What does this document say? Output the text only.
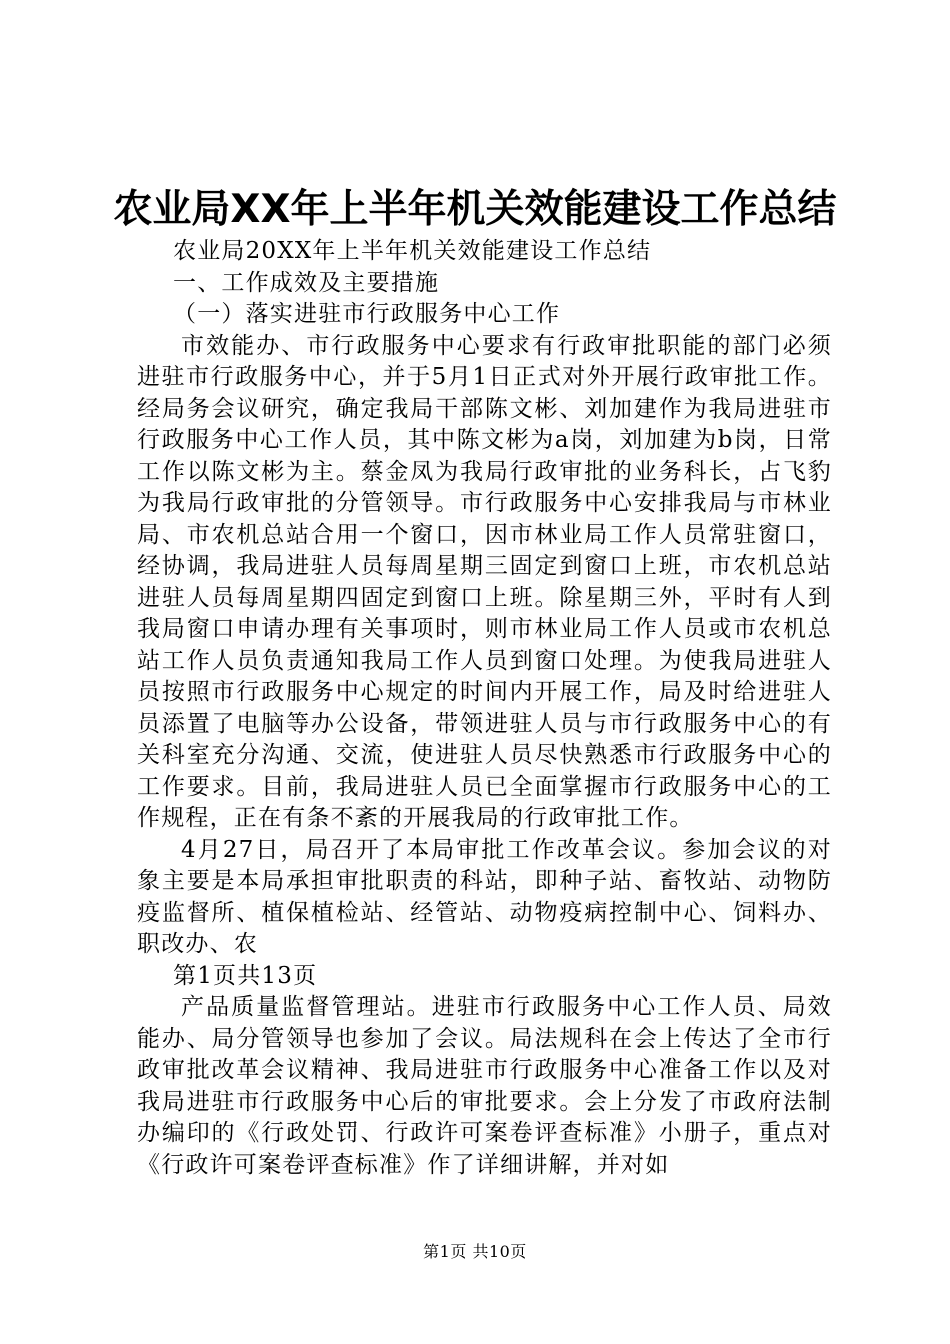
农业局XX年上半年机关效能建设工作总结

农业局20XX年上半年机关效能建设工作总结

一、工作成效及主要措施

（一）落实进驻市行政服务中心工作

市效能办、市行政服务中心要求有行政审批职能的部门必须进驻市行政服务中心，并于5月1日正式对外开展行政审批工作。经局务会议研究，确定我局干部陈文彬、刘加建作为我局进驻市行政服务中心工作人员，其中陈文彬为a岗，刘加建为b岗，日常工作以陈文彬为主。蔡金凤为我局行政审批的业务科长，占飞豹为我局行政审批的分管领导。市行政服务中心安排我局与市林业局、市农机总站合用一个窗口，因市林业局工作人员常驻窗口，经协调，我局进驻人员每周星期三固定到窗口上班，市农机总站进驻人员每周星期四固定到窗口上班。除星期三外，平时有人到我局窗口申请办理有关事项时，则市林业局工作人员或市农机总站工作人员负责通知我局工作人员到窗口处理。为使我局进驻人员按照市行政服务中心规定的时间内开展工作，局及时给进驻人员添置了电脑等办公设备，带领进驻人员与市行政服务中心的有关科室充分沟通、交流，使进驻人员尽快熟悉市行政服务中心的工作要求。目前，我局进驻人员已全面掌握市行政服务中心的工作规程，正在有条不紊的开展我局的行政审批工作。

4月27日，局召开了本局审批工作改革会议。参加会议的对象主要是本局承担审批职责的科站，即种子站、畜牧站、动物防疫监督所、植保植检站、经管站、动物疫病控制中心、饲料办、职改办、农

第1页共13页

产品质量监督管理站。进驻市行政服务中心工作人员、局效能办、局分管领导也参加了会议。局法规科在会上传达了全市行政审批改革会议精神、我局进驻市行政服务中心准备工作以及对我局进驻市行政服务中心后的审批要求。会上分发了市政府法制办编印的《行政处罚、行政许可案卷评查标准》小册子，重点对《行政许可案卷评查标准》作了详细讲解，并对如

第1页 共10页
